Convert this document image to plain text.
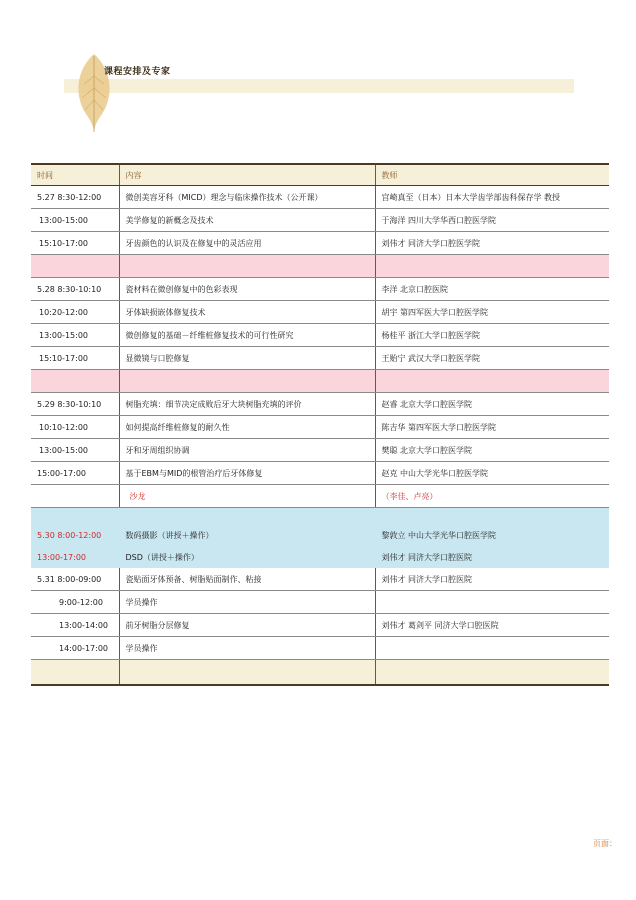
课程安排及专家
时间	内容	教师
5.27 8:30-12:00	微创美容牙科（MICD）理念与临床操作技术（公开课）	宫崎真至（日本）日本大学齿学部齿科保存学 教授
13:00-15:00	美学修复的新概念及技术	于海洋 四川大学华西口腔医学院
15:10-17:00	牙齿颜色的认识及在修复中的灵活应用	刘伟才 同济大学口腔医学院

5.28 8:30-10:10	瓷材料在微创修复中的色彩表现	李洋 北京口腔医院
10:20-12:00	牙体缺损嵌体修复技术	胡宇 第四军医大学口腔医学院
13:00-15:00	微创修复的基础－纤维桩修复技术的可行性研究	杨桂平 浙江大学口腔医学院
15:10-17:00	显微镜与口腔修复	王贻宁 武汉大学口腔医学院

5.29 8:30-10:10	树脂充填：细节决定成败后牙大块树脂充填的评价	赵睿 北京大学口腔医学院
10:10-12:00	如何提高纤维桩修复的耐久性	陈吉华 第四军医大学口腔医学院
13:00-15:00	牙和牙周组织协调	樊聪 北京大学口腔医学院
15:00-17:00	基于EBM与MID的根管治疗后牙体修复	赵克 中山大学光华口腔医学院
	沙龙	（李佳、卢亮）

5.30 8:00-12:00	数码摄影（讲授＋操作）	黎敦立 中山大学光华口腔医学院
13:00-17:00	DSD（讲授＋操作）	刘伟才 同济大学口腔医院
5.31 8:00-09:00	瓷贴面牙体预备、树脂贴面制作、粘接	刘伟才 同济大学口腔医院
9:00-12:00	学员操作	
13:00-14:00	前牙树脂分层修复	刘伟才 葛剑平 同济大学口腔医院
14:00-17:00	学员操作	

页面：
